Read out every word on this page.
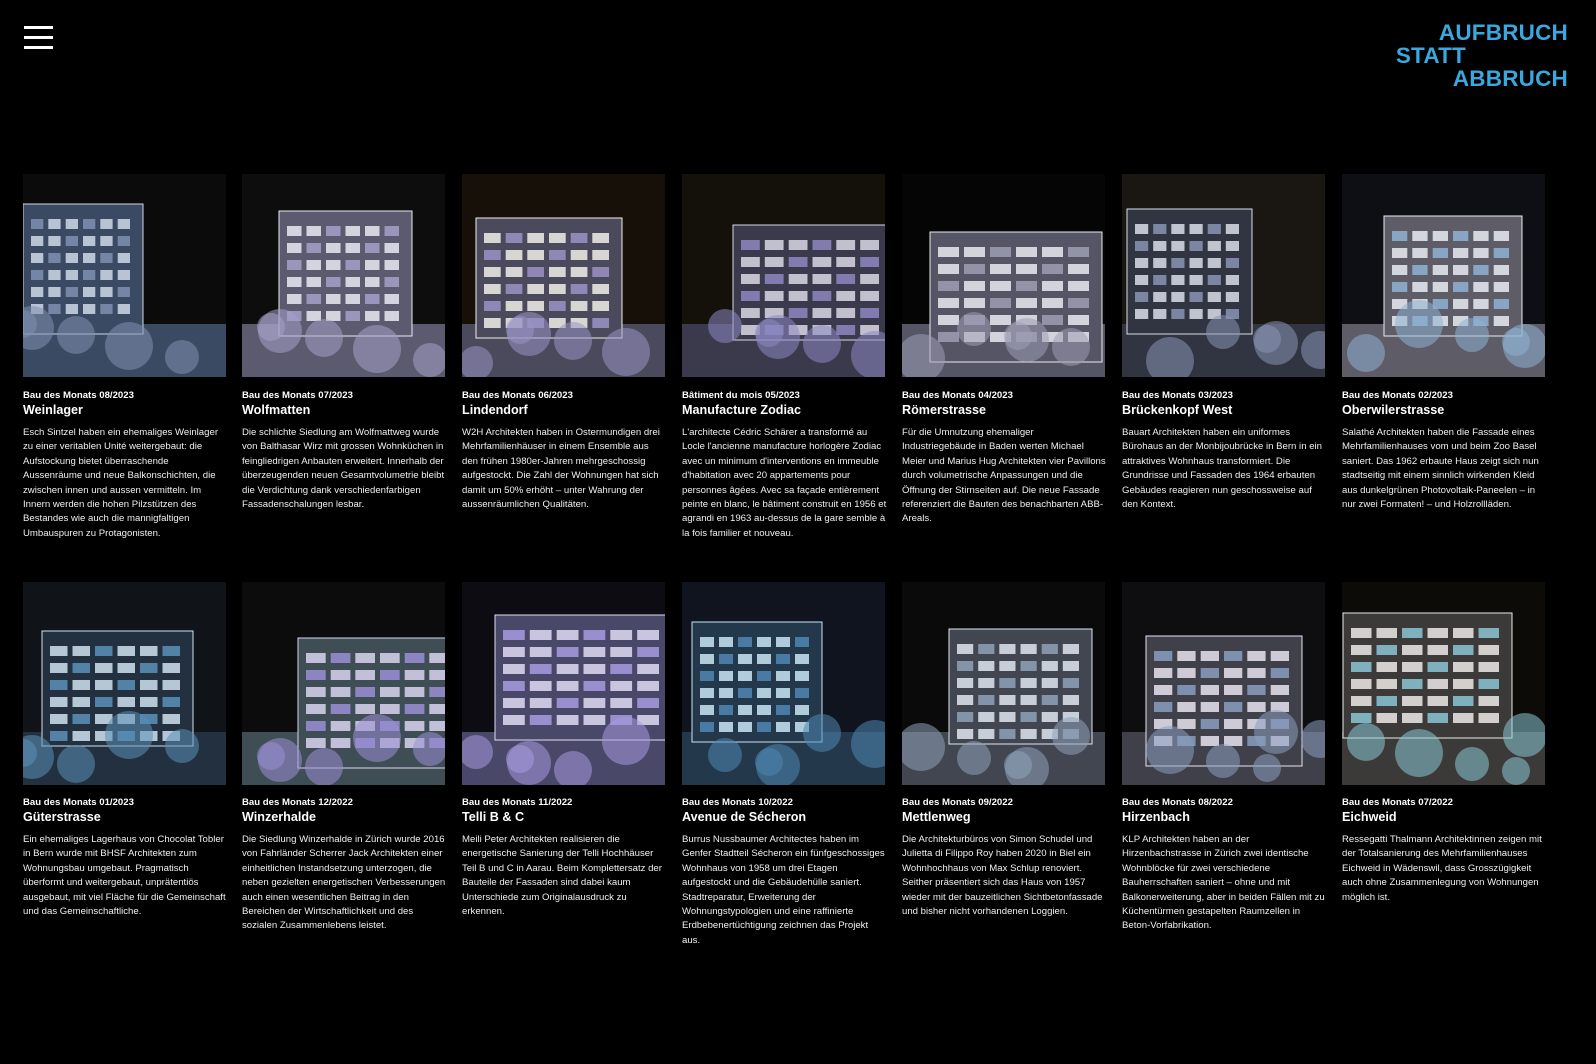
AUFBRUCH
STATT
ABBRUCH
Bau des Monats 08/2023
Weinlager
Esch Sintzel haben ein ehemaliges Weinlager zu einer veritablen Unité weitergebaut: die Aufstockung bietet überraschende Aussenräume und neue Balkonschichten, die zwischen innen und aussen vermitteln. Im Innern werden die hohen Pilzstützen des Bestandes wie auch die mannigfaltigen Umbauspuren zu Protagonisten.
Bau des Monats 07/2023
Wolfmatten
Die schlichte Siedlung am Wolfmattweg wurde von Balthasar Wirz mit grossen Wohnküchen in feingliedrigen Anbauten erweitert. Innerhalb der überzeugenden neuen Gesamtvolumetrie bleibt die Verdichtung dank verschiedenfarbigen Fassadenschalungen lesbar.
Bau des Monats 06/2023
Lindendorf
W2H Architekten haben in Ostermundigen drei Mehrfamilienhäuser in einem Ensemble aus den frühen 1980er-Jahren mehrgeschossig aufgestockt. Die Zahl der Wohnungen hat sich damit um 50% erhöht – unter Wahrung der aussenräumlichen Qualitäten.
Bâtiment du mois 05/2023
Manufacture Zodiac
L'architecte Cédric Schärer a transformé au Locle l'ancienne manufacture horlogère Zodiac avec un minimum d'interventions en immeuble d'habitation avec 20 appartements pour personnes âgées. Avec sa façade entièrement peinte en blanc, le bâtiment construit en 1956 et agrandi en 1963 au-dessus de la gare semble à la fois familier et nouveau.
Bau des Monats 04/2023
Römerstrasse
Für die Umnutzung ehemaliger Industriegebäude in Baden werten Michael Meier und Marius Hug Architekten vier Pavillons durch volumetrische Anpassungen und die Öffnung der Stirnseiten auf. Die neue Fassade referenziert die Bauten des benachbarten ABB-Areals.
Bau des Monats 03/2023
Brückenkopf West
Bauart Architekten haben ein uniformes Bürohaus an der Monbijoubrücke in Bern in ein attraktives Wohnhaus transformiert. Die Grundrisse und Fassaden des 1964 erbauten Gebäudes reagieren nun geschossweise auf den Kontext.
Bau des Monats 02/2023
Oberwilerstrasse
Salathé Architekten haben die Fassade eines Mehrfamilienhauses vom und beim Zoo Basel saniert. Das 1962 erbaute Haus zeigt sich nun stadtseitig mit einem sinnlich wirkenden Kleid aus dunkelgrünen Photovoltaik-Paneelen – in nur zwei Formaten! – und Holzrollläden.
Bau des Monats 01/2023
Güterstrasse
Ein ehemaliges Lagerhaus von Chocolat Tobler in Bern wurde mit BHSF Architekten zum Wohnungsbau umgebaut. Pragmatisch überformt und weitergebaut, unprätentiös ausgebaut, mit viel Fläche für die Gemeinschaft und das Gemeinschaftliche.
Bau des Monats 12/2022
Winzerhalde
Die Siedlung Winzerhalde in Zürich wurde 2016 von Fahrländer Scherrer Jack Architekten einer einheitlichen Instandsetzung unterzogen, die neben gezielten energetischen Verbesserungen auch einen wesentlichen Beitrag in den Bereichen der Wirtschaftlichkeit und des sozialen Zusammenlebens leistet.
Bau des Monats 11/2022
Telli B & C
Meili Peter Architekten realisieren die energetische Sanierung der Telli Hochhäuser Teil B und C in Aarau. Beim Komplettersatz der Bauteile der Fassaden sind dabei kaum Unterschiede zum Originalausdruck zu erkennen.
Bau des Monats 10/2022
Avenue de Sécheron
Burrus Nussbaumer Architectes haben im Genfer Stadtteil Sécheron ein fünfgeschossiges Wohnhaus von 1958 um drei Etagen aufgestockt und die Gebäudehülle saniert. Stadtreparatur, Erweiterung der Wohnungstypologien und eine raffinierte Erdbebenertüchtigung zeichnen das Projekt aus.
Bau des Monats 09/2022
Mettlenweg
Die Architekturbüros von Simon Schudel und Julietta di Filippo Roy haben 2020 in Biel ein Wohnhochhaus von Max Schlup renoviert. Seither präsentiert sich das Haus von 1957 wieder mit der bauzeitlichen Sichtbetonfassade und bisher nicht vorhandenen Loggien.
Bau des Monats 08/2022
Hirzenbach
KLP Architekten haben an der Hirzenbachstrasse in Zürich zwei identische Wohnblöcke für zwei verschiedene Bauherrschaften saniert – ohne und mit Balkonerweiterung, aber in beiden Fällen mit zu Küchentürmen gestapelten Raumzellen in Beton-Vorfabrikation.
Bau des Monats 07/2022
Eichweid
Ressegatti Thalmann Architektinnen zeigen mit der Totalsanierung des Mehrfamilienhauses Eichweid in Wädenswil, dass Grosszügigkeit auch ohne Zusammenlegung von Wohnungen möglich ist.
